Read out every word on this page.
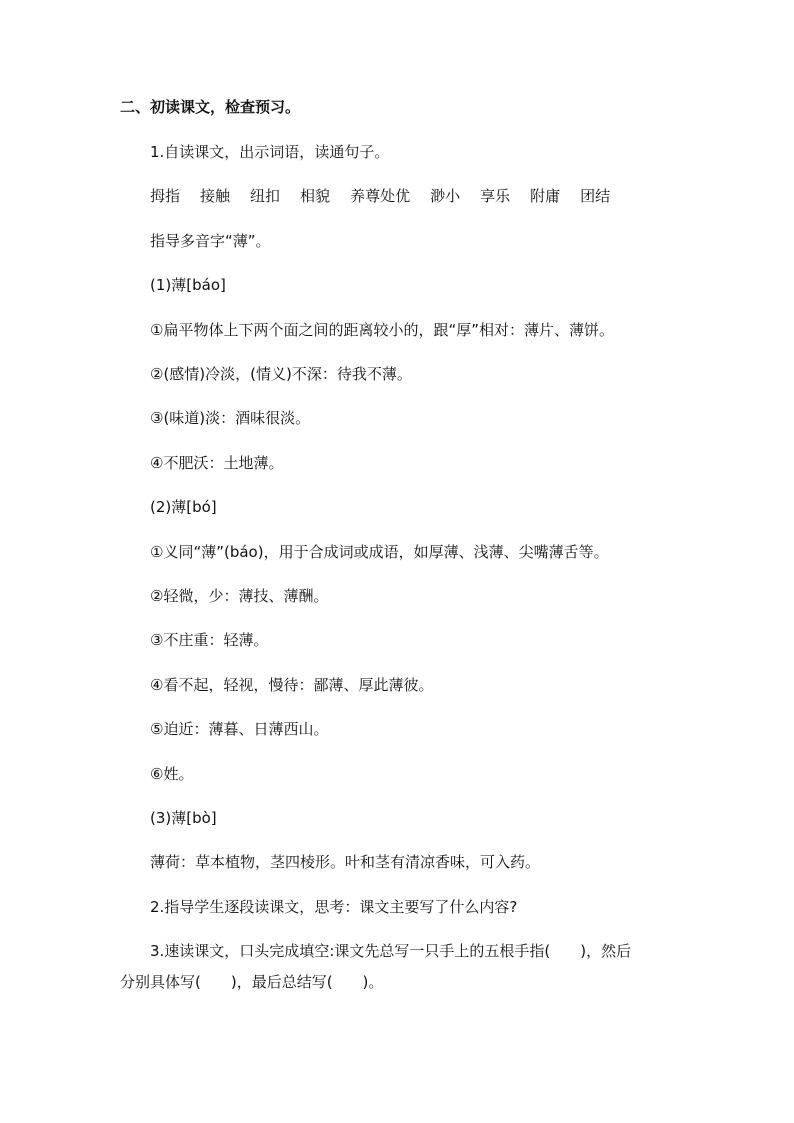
二、初读课文，检查预习。
1.自读课文，出示词语，读通句子。
拇指 接触 纽扣 相貌 养尊处优 渺小 享乐 附庸 团结
指导多音字“薄”。
(1)薄[báo]
①扁平物体上下两个面之间的距离较小的，跟“厚”相对：薄片、薄饼。
②(感情)冷淡，(情义)不深：待我不薄。
③(味道)淡：酒味很淡。
④不肥沃：土地薄。
(2)薄[bó]
①义同“薄”(báo)，用于合成词或成语，如厚薄、浅薄、尖嘴薄舌等。
②轻微，少：薄技、薄酬。
③不庄重：轻薄。
④看不起，轻视，慢待：鄙薄、厚此薄彼。
⑤迫近：薄暮、日薄西山。
⑥姓。
(3)薄[bò]
薄荷：草本植物，茎四棱形。叶和茎有清凉香味，可入药。
2.指导学生逐段读课文，思考：课文主要写了什么内容?
3.速读课文，口头完成填空:课文先总写一只手上的五根手指(　　)，然后
分别具体写(　　)，最后总结写(　　)。
